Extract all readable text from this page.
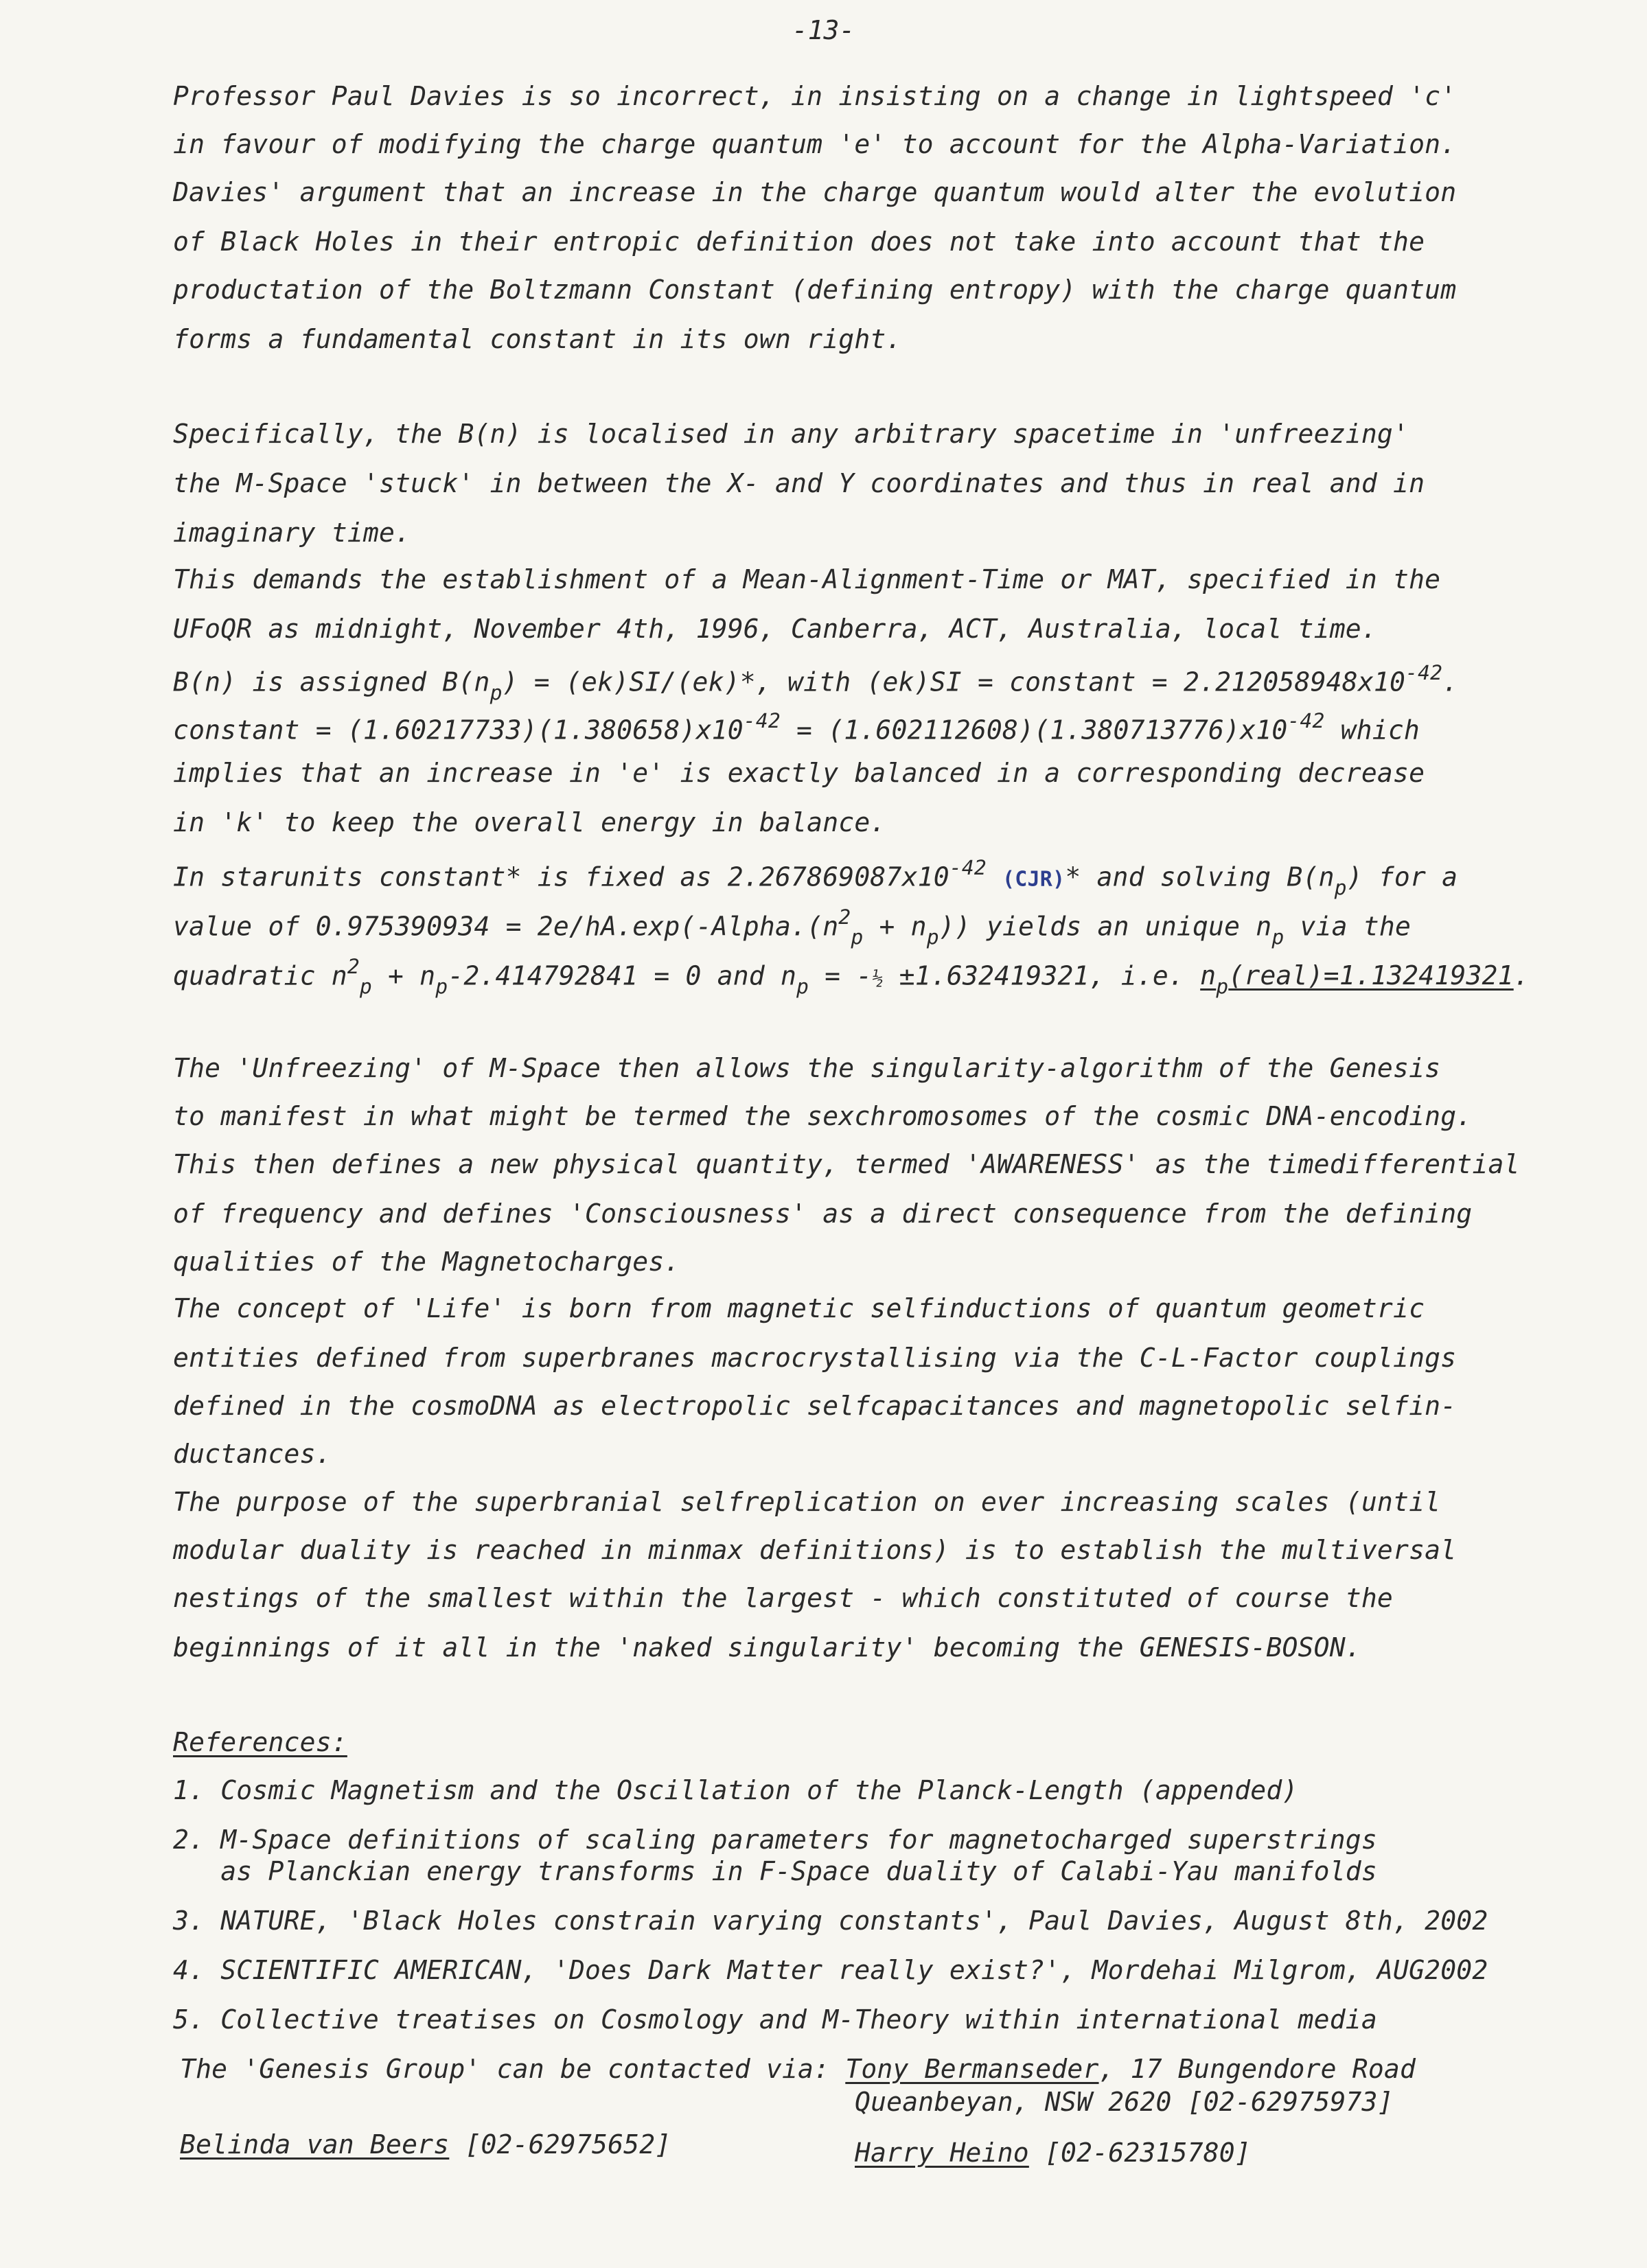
-13-
Professor Paul Davies is so incorrect, in insisting on a change in lightspeed 'c'
in favour of modifying the charge quantum 'e' to account for the Alpha-Variation.
Davies' argument that an increase in the charge quantum would alter the evolution
of Black Holes in their entropic definition does not take into account that the
productation of the Boltzmann Constant (defining entropy) with the charge quantum
forms a fundamental constant in its own right.
Specifically, the B(n) is localised in any arbitrary spacetime in 'unfreezing'
the M-Space 'stuck' in between the X- and Y coordinates and thus in real and in
imaginary time.
This demands the establishment of a Mean-Alignment-Time or MAT, specified in the
UFoQR as midnight, November 4th, 1996, Canberra, ACT, Australia, local time.
B(n) is assigned $B(n_p) = (ek)SI/(ek)*$, with (ek)SI = constant = $2.212058948x10^{-42}$.
constant = $(1.60217733)(1.380658)x10^{-42} = (1.602112608)(1.380713776)x10^{-42}$ which
implies that an increase in 'e' is exactly balanced in a corresponding decrease
in 'k' to keep the overall energy in balance.
In starunits constant* is fixed as $2.267869087x10^{-42}$ (CJR)* and solving $B(n_p)$ for a
value of $0.975390934 = 2e/hA.\exp(-Alpha.(n^2_p + n_p))$ yields an unique $n_p$ via the
quadratic $n^2_p + n_p-2.414792841 = 0$ and $n_p$ = -½ ±1.632419321, i.e. $n_p(real)=1.132419321$.
The 'Unfreezing' of M-Space then allows the singularity-algorithm of the Genesis
to manifest in what might be termed the sexchromosomes of the cosmic DNA-encoding.
This then defines a new physical quantity, termed 'AWARENESS' as the timedifferential
of frequency and defines 'Consciousness' as a direct consequence from the defining
qualities of the Magnetocharges.
The concept of 'Life' is born from magnetic selfinductions of quantum geometric
entities defined from superbranes macrocrystallising via the C-L-Factor couplings
defined in the cosmoDNA as electropolic selfcapacitances and magnetopolic selfin-
ductances.
The purpose of the superbranial selfreplication on ever increasing scales (until
modular duality is reached in minmax definitions) is to establish the multiversal
nestings of the smallest within the largest - which constituted of course the
beginnings of it all in the 'naked singularity' becoming the GENESIS-BOSON.
References:
1. Cosmic Magnetism and the Oscillation of the Planck-Length (appended)
2. M-Space definitions of scaling parameters for magnetocharged superstrings
as Planckian energy transforms in F-Space duality of Calabi-Yau manifolds
3. NATURE, 'Black Holes constrain varying constants', Paul Davies, August 8th, 2002
4. SCIENTIFIC AMERICAN, 'Does Dark Matter really exist?', Mordehai Milgrom, AUG2002
5. Collective treatises on Cosmology and M-Theory within international media
The 'Genesis Group' can be contacted via: Tony Bermanseder, 17 Bungendore Road
Queanbeyan, NSW 2620 [02-62975973]
Belinda van Beers [02-62975652]	Harry Heino [02-62315780]
